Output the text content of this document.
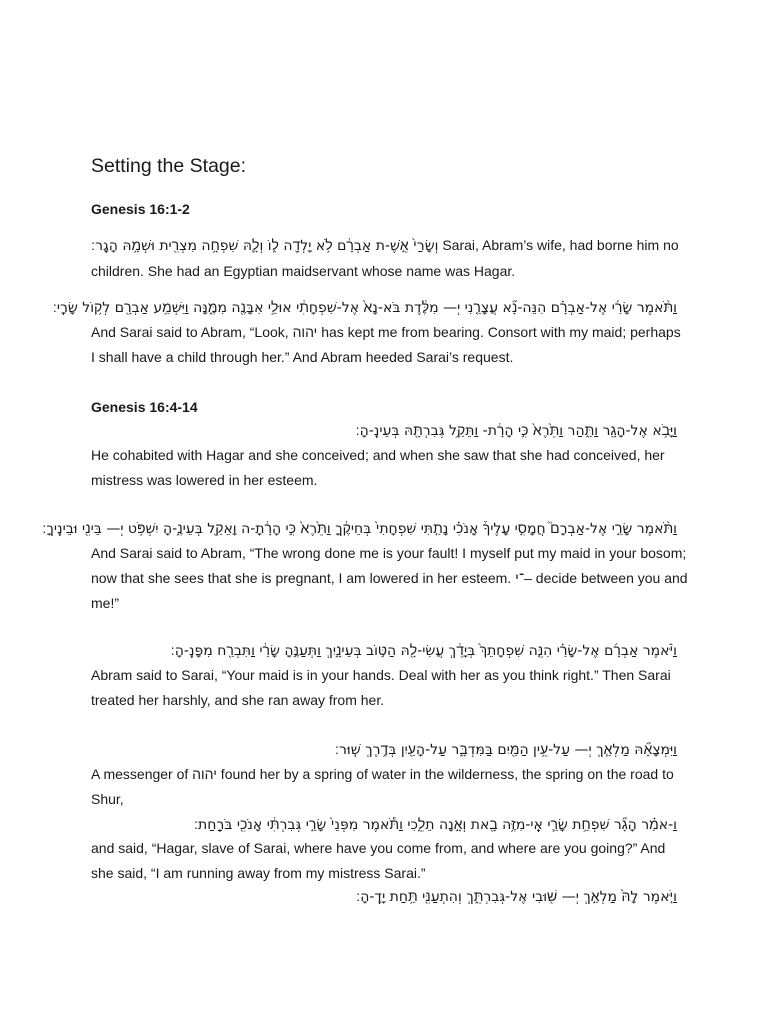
Setting the Stage:
Genesis 16:1-2
וְשָׂרַי֙ אֵ֣שֶׁ-ת אַבְרָ֔ם לֹ֥א יָלְדָ֖ה ל֑וֹ וְלָ֛הּ שִׁפְחָ֥ה מִצְרִ֖ית וּשְׁמָ֥הּ הָגָֽר׃ Sarai, Abram’s wife, had borne him no
children. She had an Egyptian maidservant whose name was Hagar.
וַתֹּ֨אמֶר שָׂרַ֜י אֶל-אַבְרָ֗ם הִנֵּה-נָ֞א עֲצָרַ֤נִי יְ— מִלֶּ֔דֶת בֹּא-נָא֙ אֶל-שִׁפְחָתִ֔י אוּלַ֥י אִבָּנֶ֖ה מִמֶּ֑נָּה וַיִּשְׁמַ֥ע אַבְרָ֖ם לְק֥וֹל שָׂרָֽי׃
And Sarai said to Abram, “Look, יהוה has kept me from bearing. Consort with my maid; perhaps
I shall have a child through her.” And Abram heeded Sarai’s request.
Genesis 16:4-14
וַיָּבֹ֥א אֶל-הָגָ֖ר וַתַּ֑הַר וַתֵּ֙רֶא֙ כִּ֣י הָרָ֔ת- וַתֵּקַ֥ל גְּבִרְתָּ֖הּ בְּעֵינֶֽ-הָ׃
He cohabited with Hagar and she conceived; and when she saw that she had conceived, her
mistress was lowered in her esteem.
וַתֹּ֨אמֶר שָׂרַ֣י אֶל-אַבְרָם֮ חֲמָסִ֣י עָלֶיךָ֒ אָנֹכִ֗י נָתַ֤תִּי שִׁפְחָתִי֙ בְּחֵיקֶ֔ךָ וַתֵּ֙רֶא֙ כִּ֣י הָרָ֔תָ-ה וָאֵקַ֖ל בְּעֵינֶ֑-הָ יִשְׁפֹּ֥ט יְ— בֵּינִ֖י וּבֵינֶֽיךָ׃
And Sarai said to Abram, “The wrong done me is your fault! I myself put my maid in your bosom;
now that she sees that she is pregnant, I am lowered in her esteem. ־י– decide between you and
me!”
וַיֹּ֨אמֶר אַבְרָ֜ם אֶל-שָׂרַ֗י הִנֵּ֤ה שִׁפְחָתֵךְ֙ בְּיָדֵ֔ךְ עֲשִׂי-לָ֖הּ הַטּ֣וֹב בְּעֵינָ֑יִךְ וַתְּעַנֶּ֣הָ שָׂרַ֔י וַתִּבְרַ֖ח מִפָּנֶֽ-הָ׃
Abram said to Sarai, “Your maid is in your hands. Deal with her as you think right.” Then Sarai
treated her harshly, and she ran away from her.
וַיִּמְצָאָ֞הּ מַלְאַ֧ךְ יְ— עַל-עֵ֥ין הַמַּ֖יִם בַּמִּדְבָּ֑ר עַל-הָעַ֖יִן בְּדֶ֥רֶךְ שֽׁוּר׃
A messenger of יהוה found her by a spring of water in the wilderness, the spring on the road to
Shur,
וַ-אמַ֗ר הָגָ֞ר שִׁפְחַ֥ת שָׂרַ֛י אֵֽי-מִזֶּ֥ה בָ֖את וְאָ֣נָה תֵלֵ֑כִי וַתֹּ֕אמֶר מִפְּנֵי֙ שָׂרַ֣י גְּבִרְתִּ֔י אָנֹכִ֖י בֹּרַֽחַת׃
and said, “Hagar, slave of Sarai, where have you come from, and where are you going?” And
she said, “I am running away from my mistress Sarai.”
וַיֹּ֤אמֶר לָהּ֙ מַלְאַ֣ךְ יְ— שׁ֖וּבִי אֶל-גְּבִרְתֵּ֑ךְ וְהִתְעַנִּ֖י תַּ֥חַת יָדֶֽ-הָ׃
